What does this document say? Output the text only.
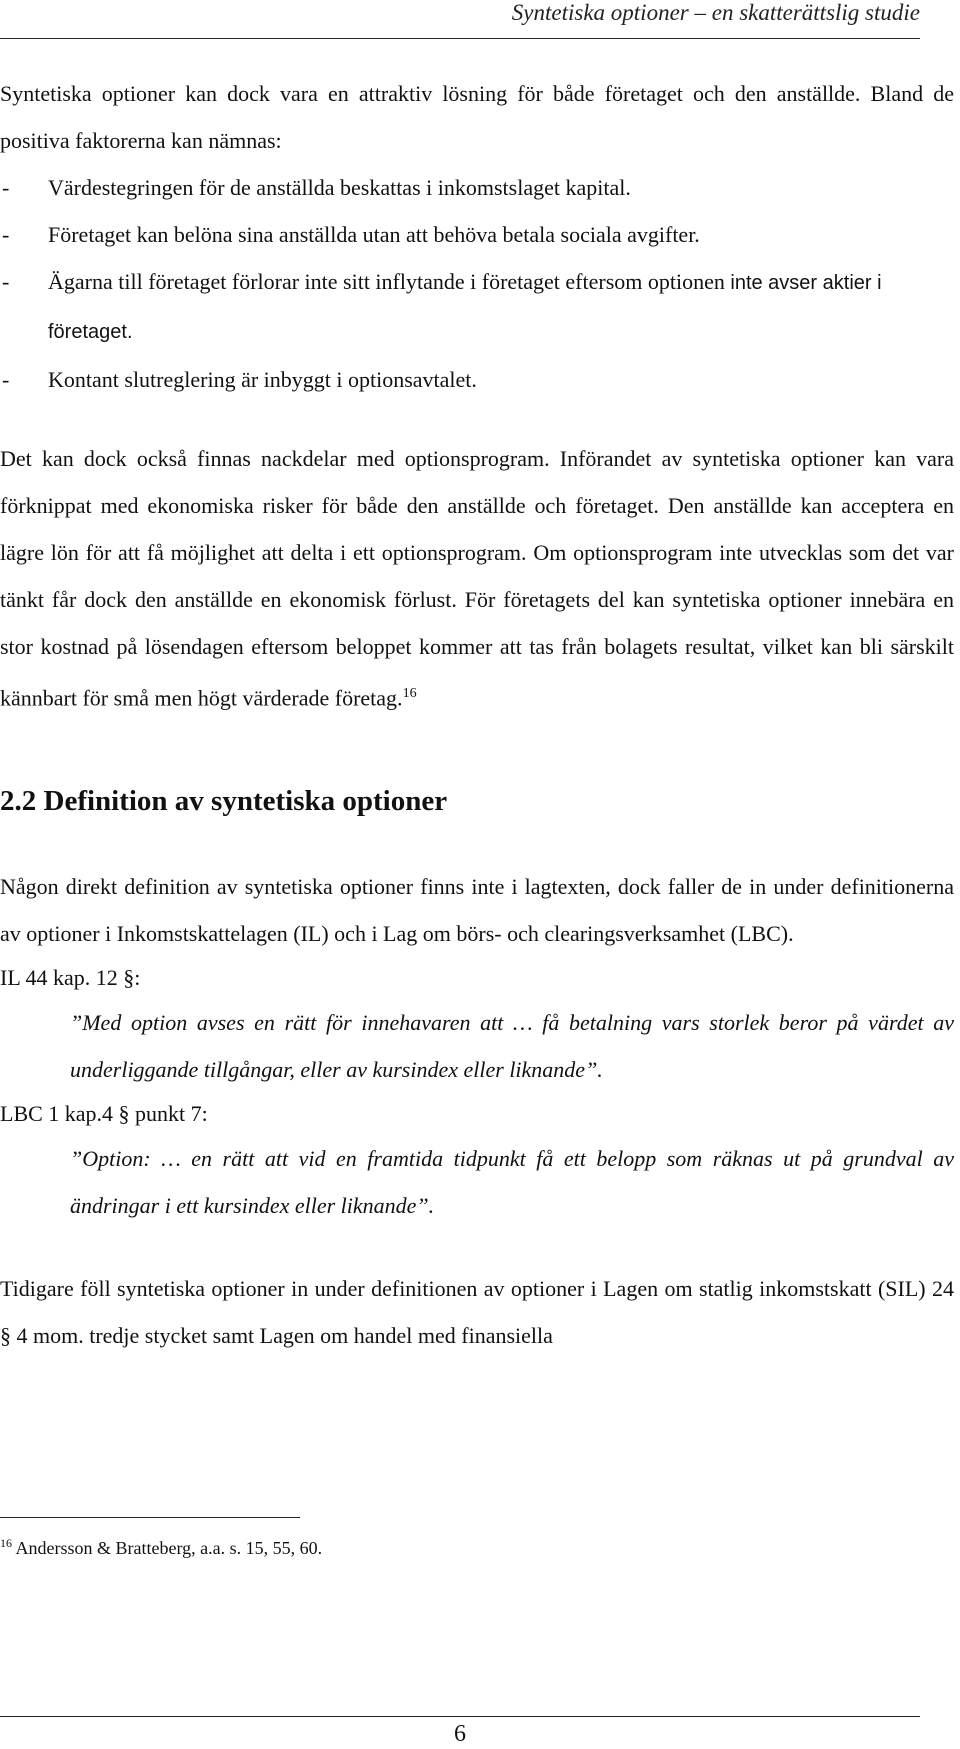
Syntetiska optioner – en skatterättslig studie

Syntetiska optioner kan dock vara en attraktiv lösning för både företaget och den anställde. Bland de positiva faktorerna kan nämnas:

-	Värdestegringen för de anställda beskattas i inkomstslaget kapital.
-	Företaget kan belöna sina anställda utan att behöva betala sociala avgifter.
-	Ägarna till företaget förlorar inte sitt inflytande i företaget eftersom optionen inte avser aktier i företaget.
-	Kontant slutreglering är inbyggt i optionsavtalet.

Det kan dock också finnas nackdelar med optionsprogram. Införandet av syntetiska optioner kan vara förknippat med ekonomiska risker för både den anställde och företaget. Den anställde kan acceptera en lägre lön för att få möjlighet att delta i ett optionsprogram. Om optionsprogram inte utvecklas som det var tänkt får dock den anställde en ekonomisk förlust. För företagets del kan syntetiska optioner innebära en stor kostnad på lösendagen eftersom beloppet kommer att tas från bolagets resultat, vilket kan bli särskilt kännbart för små men högt värderade företag.$^{16}$

2.2 Definition av syntetiska optioner

Någon direkt definition av syntetiska optioner finns inte i lagtexten, dock faller de in under definitionerna av optioner i Inkomstskattelagen (IL) och i Lag om börs- och clearingsverksamhet (LBC).

IL 44 kap. 12 §:

”Med option avses en rätt för innehavaren att … få betalning vars storlek beror på värdet av underliggande tillgångar, eller av kursindex eller liknande”.

LBC 1 kap.4 § punkt 7:

”Option: … en rätt att vid en framtida tidpunkt få ett belopp som räknas ut på grundval av ändringar i ett kursindex eller liknande”.

Tidigare föll syntetiska optioner in under definitionen av optioner i Lagen om statlig inkomstskatt (SIL) 24 § 4 mom. tredje stycket samt Lagen om handel med finansiella

$^{16}$ Andersson & Bratteberg, a.a. s. 15, 55, 60.
6
